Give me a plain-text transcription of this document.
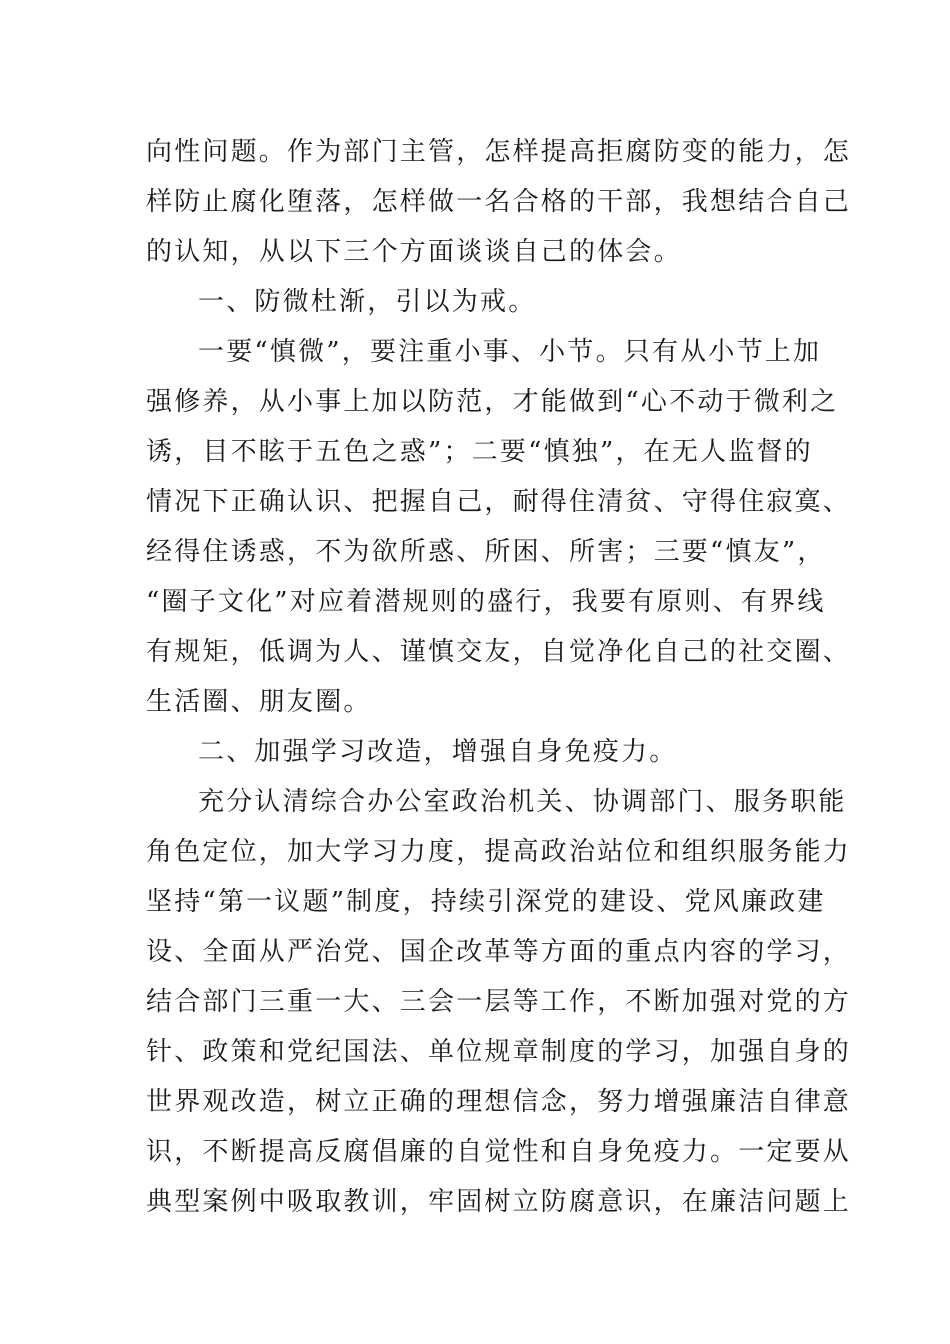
向性问题。作为部门主管，怎样提高拒腐防变的能力，怎
样防止腐化堕落，怎样做一名合格的干部，我想结合自己
的认知，从以下三个方面谈谈自己的体会。
一、防微杜渐，引以为戒。
一要“慎微”，要注重小事、小节。只有从小节上加
强修养，从小事上加以防范，才能做到“心不动于微利之
诱，目不眩于五色之惑”；二要“慎独”，在无人监督的
情况下正确认识、把握自己，耐得住清贫、守得住寂寞、
经得住诱惑，不为欲所惑、所困、所害；三要“慎友”，
“圈子文化”对应着潜规则的盛行，我要有原则、有界线
有规矩，低调为人、谨慎交友，自觉净化自己的社交圈、
生活圈、朋友圈。
二、加强学习改造，增强自身免疫力。
充分认清综合办公室政治机关、协调部门、服务职能
角色定位，加大学习力度，提高政治站位和组织服务能力
坚持“第一议题”制度，持续引深党的建设、党风廉政建
设、全面从严治党、国企改革等方面的重点内容的学习，
结合部门三重一大、三会一层等工作，不断加强对党的方
针、政策和党纪国法、单位规章制度的学习，加强自身的
世界观改造，树立正确的理想信念，努力增强廉洁自律意
识，不断提高反腐倡廉的自觉性和自身免疫力。一定要从
典型案例中吸取教训，牢固树立防腐意识，在廉洁问题上
